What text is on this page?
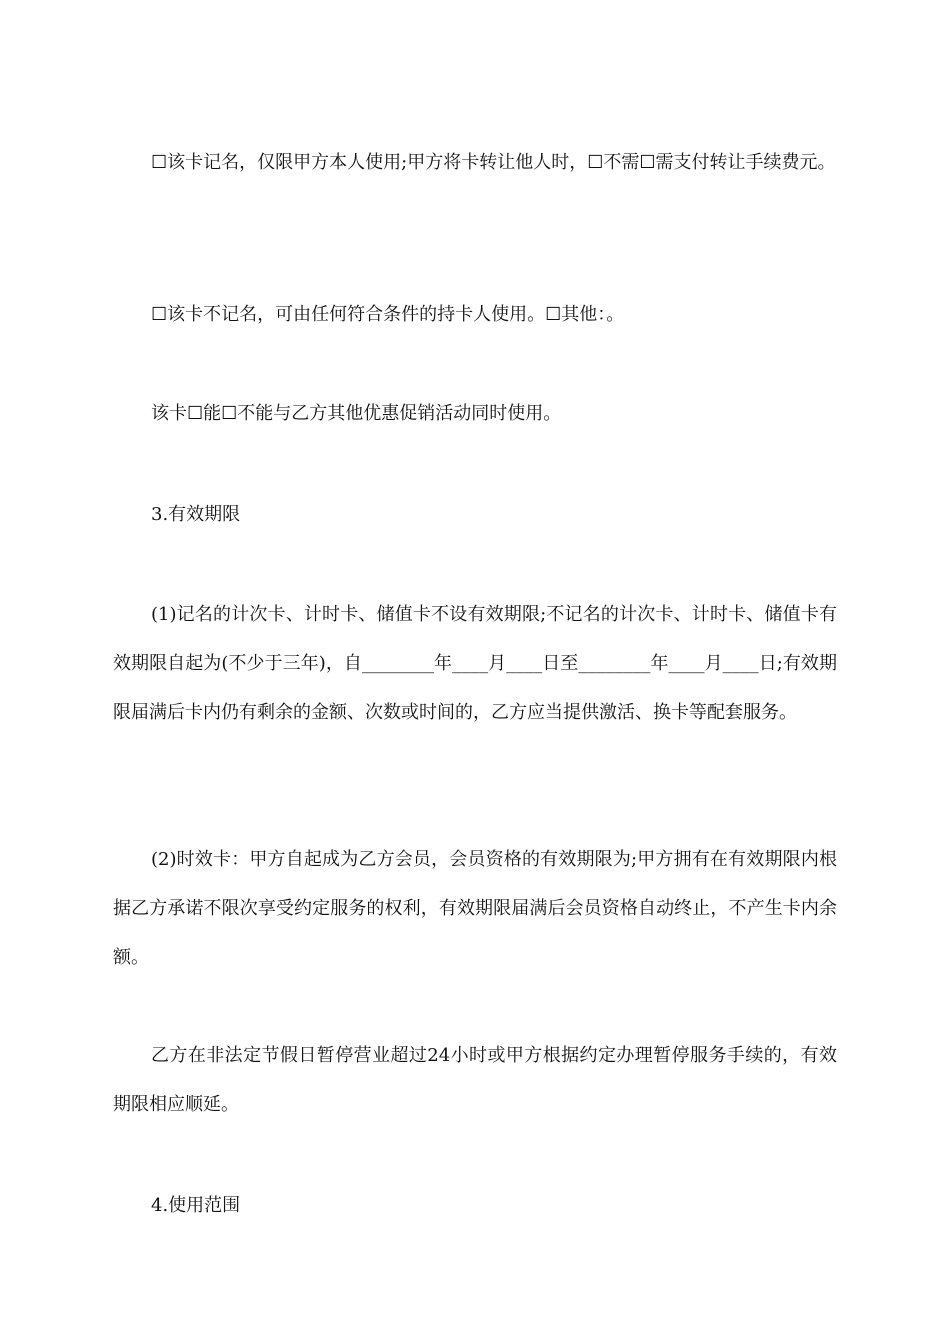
☐该卡记名，仅限甲方本人使用;甲方将卡转让他人时，☐不需☐需支付转让手续费元。

☐该卡不记名，可由任何符合条件的持卡人使用。☐其他：。

该卡☐能☐不能与乙方其他优惠促销活动同时使用。

3.有效期限

(1)记名的计次卡、计时卡、储值卡不设有效期限;不记名的计次卡、计时卡、储值卡有效期限自起为(不少于三年)，自________年____月____日至________年____月____日;有效期限届满后卡内仍有剩余的金额、次数或时间的，乙方应当提供激活、换卡等配套服务。

(2)时效卡：甲方自起成为乙方会员，会员资格的有效期限为;甲方拥有在有效期限内根据乙方承诺不限次享受约定服务的权利，有效期限届满后会员资格自动终止，不产生卡内余额。

乙方在非法定节假日暂停营业超过24小时或甲方根据约定办理暂停服务手续的，有效期限相应顺延。

4.使用范围
